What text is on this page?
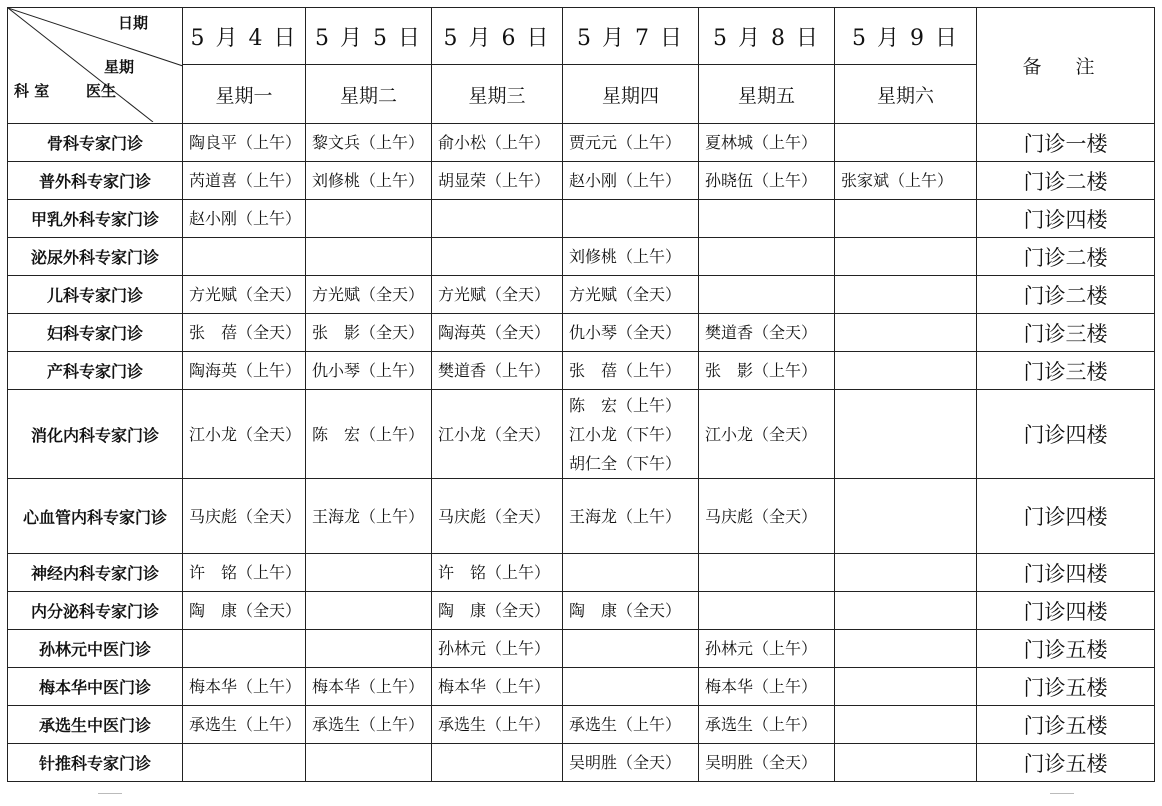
日期
星期
科 室 医生	5 月 4 日	5 月 5 日	5 月 6 日	5 月 7 日	5 月 8 日	5 月 9 日	备 注
	星期一	星期二	星期三	星期四	星期五	星期六	
骨科专家门诊	陶良平（上午）	黎文兵（上午）	俞小松（上午）	贾元元（上午）	夏林城（上午）		门诊一楼
普外科专家门诊	芮道喜（上午）	刘修桃（上午）	胡显荣（上午）	赵小刚（上午）	孙晓伍（上午）	张家斌（上午）	门诊二楼
甲乳外科专家门诊	赵小刚（上午）						门诊四楼
泌尿外科专家门诊				刘修桃（上午）			门诊二楼
儿科专家门诊	方光赋（全天）	方光赋（全天）	方光赋（全天）	方光赋（全天）			门诊二楼
妇科专家门诊	张　蓓（全天）	张　影（全天）	陶海英（全天）	仇小琴（全天）	樊道香（全天）		门诊三楼
产科专家门诊	陶海英（上午）	仇小琴（上午）	樊道香（上午）	张　蓓（上午）	张　影（上午）		门诊三楼
消化内科专家门诊	江小龙（全天）	陈　宏（上午）	江小龙（全天）	陈　宏（上午）
江小龙（下午）
胡仁全（下午）	江小龙（全天）		门诊四楼
心血管内科专家门诊	马庆彪（全天）	王海龙（上午）	马庆彪（全天）	王海龙（上午）	马庆彪（全天）		门诊四楼
神经内科专家门诊	许　铭（上午）		许　铭（上午）				门诊四楼
内分泌科专家门诊	陶　康（全天）		陶　康（全天）	陶　康（全天）			门诊四楼
孙林元中医门诊			孙林元（上午）		孙林元（上午）		门诊五楼
梅本华中医门诊	梅本华（上午）	梅本华（上午）	梅本华（上午）		梅本华（上午）		门诊五楼
承选生中医门诊	承选生（上午）	承选生（上午）	承选生（上午）	承选生（上午）	承选生（上午）		门诊五楼
针推科专家门诊				吴明胜（全天）	吴明胜（全天）		门诊五楼
